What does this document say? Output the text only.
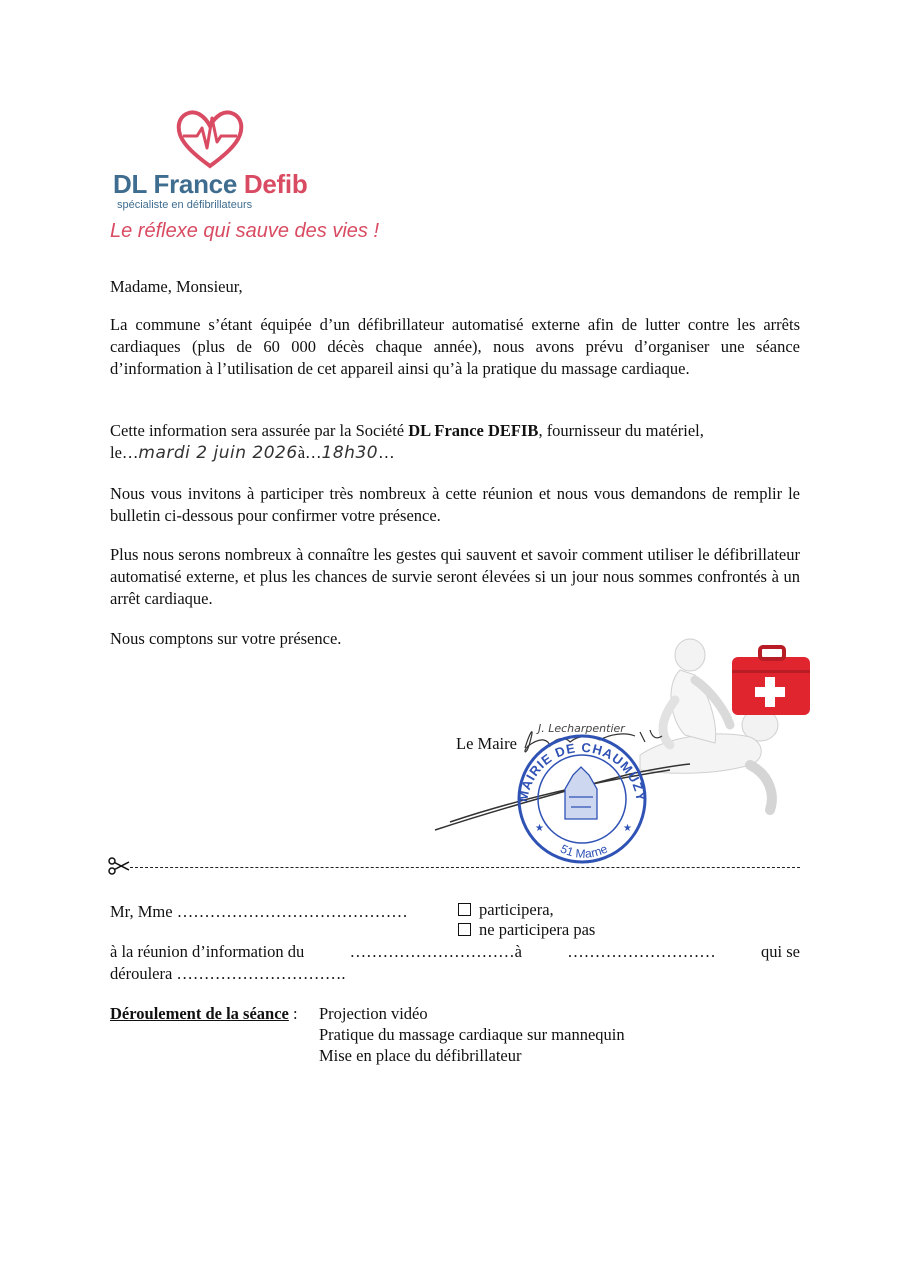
DL France Defib
spécialiste en défibrillateurs
Le réflexe qui sauve des vies !
Madame, Monsieur,
La commune s’étant équipée d’un défibrillateur automatisé externe afin de lutter contre les arrêts cardiaques (plus de 60 000 décès chaque année), nous avons prévu d’organiser une séance d’information à l’utilisation de cet appareil ainsi qu’à la pratique du massage cardiaque.
Cette information sera assurée par la Société DL France DEFIB, fournisseur du matériel,
le…mardi 2 juin 2026à…18h30…
Nous vous invitons à participer très nombreux à cette réunion et nous vous demandons de remplir le bulletin ci-dessous pour confirmer votre présence.
Plus nous serons nombreux à connaître les gestes qui sauvent et savoir comment utiliser le défibrillateur automatisé externe, et plus les chances de survie seront élevées si un jour nous sommes confrontés à un arrêt cardiaque.
Nous comptons sur votre présence.
Le Maire
J. Lecharpentier
MAIRIE DE CHAUMUZY
51 Marne
★	★
Mr, Mme ……………………………………	participera,
ne participera pas
à la réunion d’information du	…………………………à	………………………	qui se
déroulera ………………………….
Déroulement de la séance : Projection vidéo
Pratique du massage cardiaque sur mannequin
Mise en place du défibrillateur
